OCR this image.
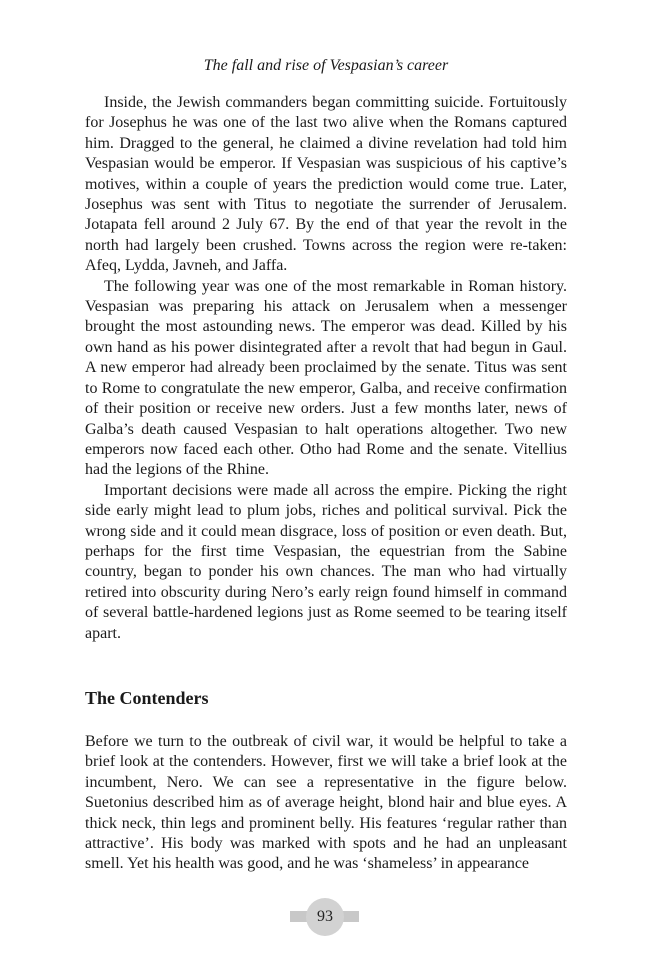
The fall and rise of Vespasian’s career

Inside, the Jewish commanders began committing suicide. Fortuitously for Josephus he was one of the last two alive when the Romans captured him. Dragged to the general, he claimed a divine revelation had told him Vespasian would be emperor. If Vespasian was suspicious of his captive’s motives, within a couple of years the prediction would come true. Later, Josephus was sent with Titus to negotiate the surrender of Jerusalem. Jotapata fell around 2 July 67. By the end of that year the revolt in the north had largely been crushed. Towns across the region were re-taken: Afeq, Lydda, Javneh, and Jaffa.

The following year was one of the most remarkable in Roman history. Vespasian was preparing his attack on Jerusalem when a messenger brought the most astounding news. The emperor was dead. Killed by his own hand as his power disintegrated after a revolt that had begun in Gaul. A new emperor had already been proclaimed by the senate. Titus was sent to Rome to congratulate the new emperor, Galba, and receive confirmation of their position or receive new orders. Just a few months later, news of Galba’s death caused Vespasian to halt operations altogether. Two new emperors now faced each other. Otho had Rome and the senate. Vitellius had the legions of the Rhine.

Important decisions were made all across the empire. Picking the right side early might lead to plum jobs, riches and political survival. Pick the wrong side and it could mean disgrace, loss of position or even death. But, perhaps for the first time Vespasian, the equestrian from the Sabine country, began to ponder his own chances. The man who had virtually retired into obscurity during Nero’s early reign found himself in command of several battle-hardened legions just as Rome seemed to be tearing itself apart.

The Contenders

Before we turn to the outbreak of civil war, it would be helpful to take a brief look at the contenders. However, first we will take a brief look at the incumbent, Nero. We can see a representative in the figure below. Suetonius described him as of average height, blond hair and blue eyes. A thick neck, thin legs and prominent belly. His features ‘regular rather than attractive’. His body was marked with spots and he had an unpleasant smell. Yet his health was good, and he was ‘shameless’ in appearance

93
